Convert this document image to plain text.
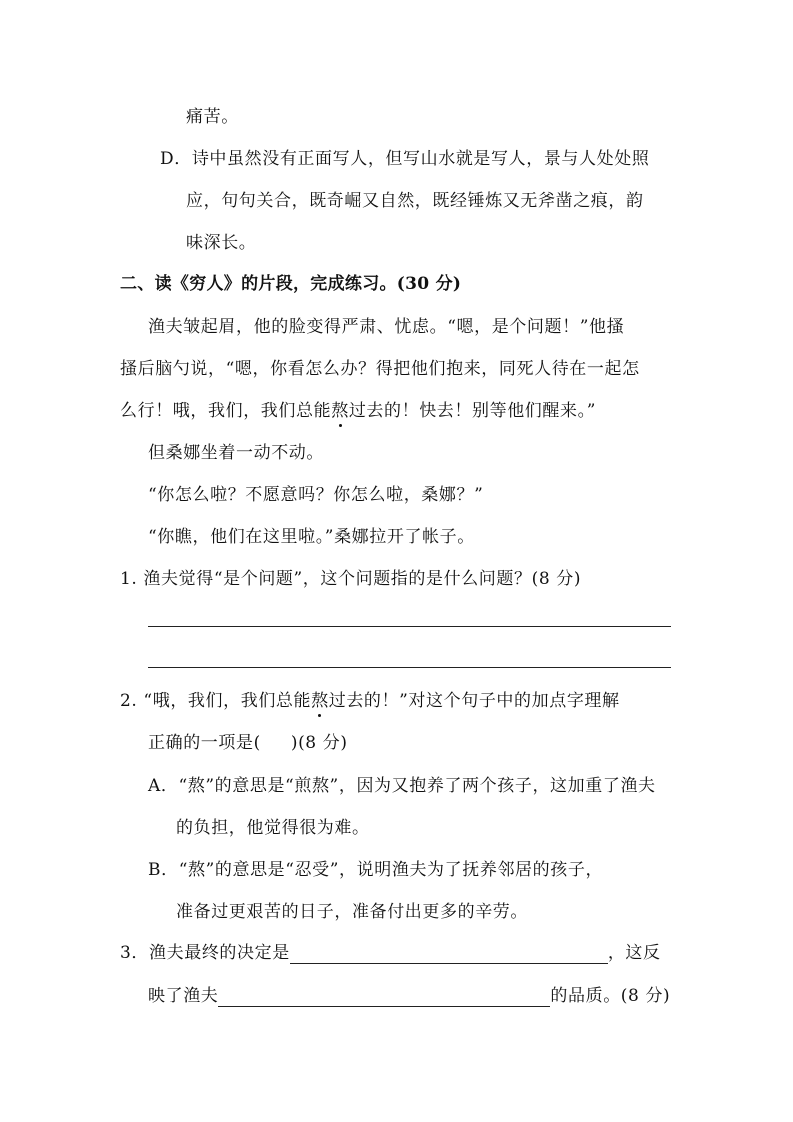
痛苦。
D．诗中虽然没有正面写人，但写山水就是写人，景与人处处照
应，句句关合，既奇崛又自然，既经锤炼又无斧凿之痕，韵
味深长。
二、读《穷人》的片段，完成练习。(30 分)
渔夫皱起眉，他的脸变得严肃、忧虑。“嗯，是个问题！”他搔
搔后脑勺说，“嗯，你看怎么办？得把他们抱来，同死人待在一起怎
么行！哦，我们，我们总能熬过去的！快去！别等他们醒来。”
但桑娜坐着一动不动。
“你怎么啦？不愿意吗？你怎么啦，桑娜？”
“你瞧，他们在这里啦。”桑娜拉开了帐子。
1. 渔夫觉得“是个问题”，这个问题指的是什么问题？(8 分)
2. “哦，我们，我们总能熬过去的！”对这个句子中的加点字理解
正确的一项是( )(8 分)
A．“熬”的意思是“煎熬”，因为又抱养了两个孩子，这加重了渔夫
的负担，他觉得很为难。
B．“熬”的意思是“忍受”，说明渔夫为了抚养邻居的孩子，
准备过更艰苦的日子，准备付出更多的辛劳。
3．渔夫最终的决定是	，这反
映了渔夫	的品质。(8 分)
